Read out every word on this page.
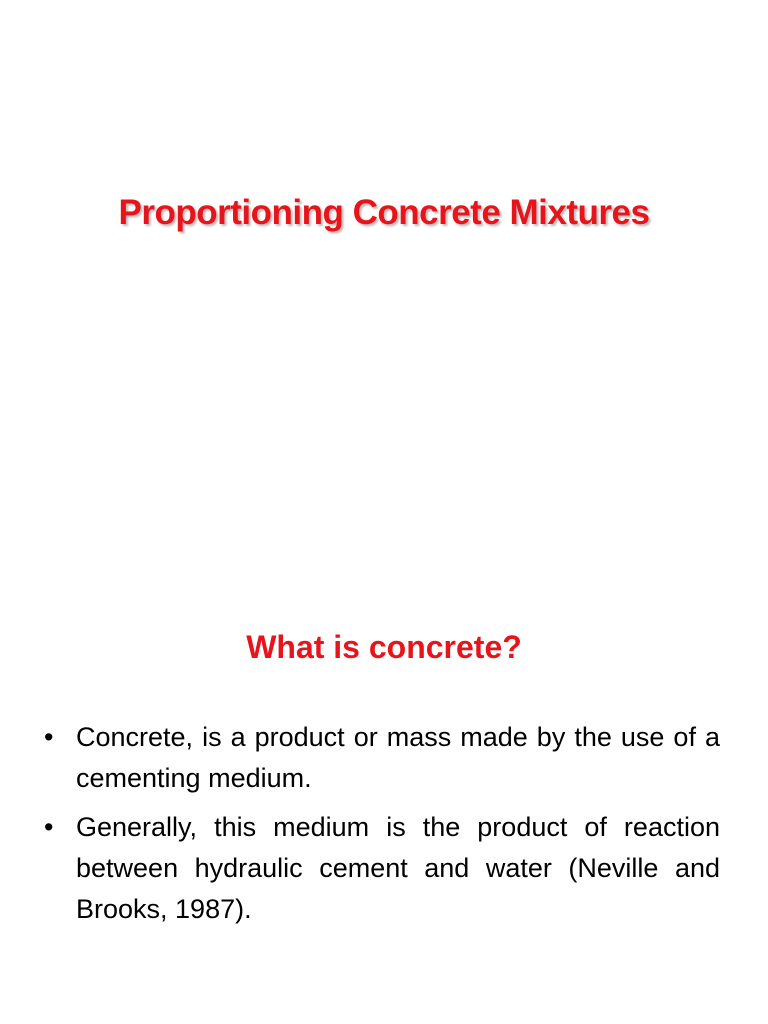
Proportioning Concrete Mixtures
What is concrete?
• Concrete, is a product or mass made by the use of a cementing medium.
• Generally, this medium is the product of reaction between hydraulic cement and water (Neville and Brooks, 1987).
